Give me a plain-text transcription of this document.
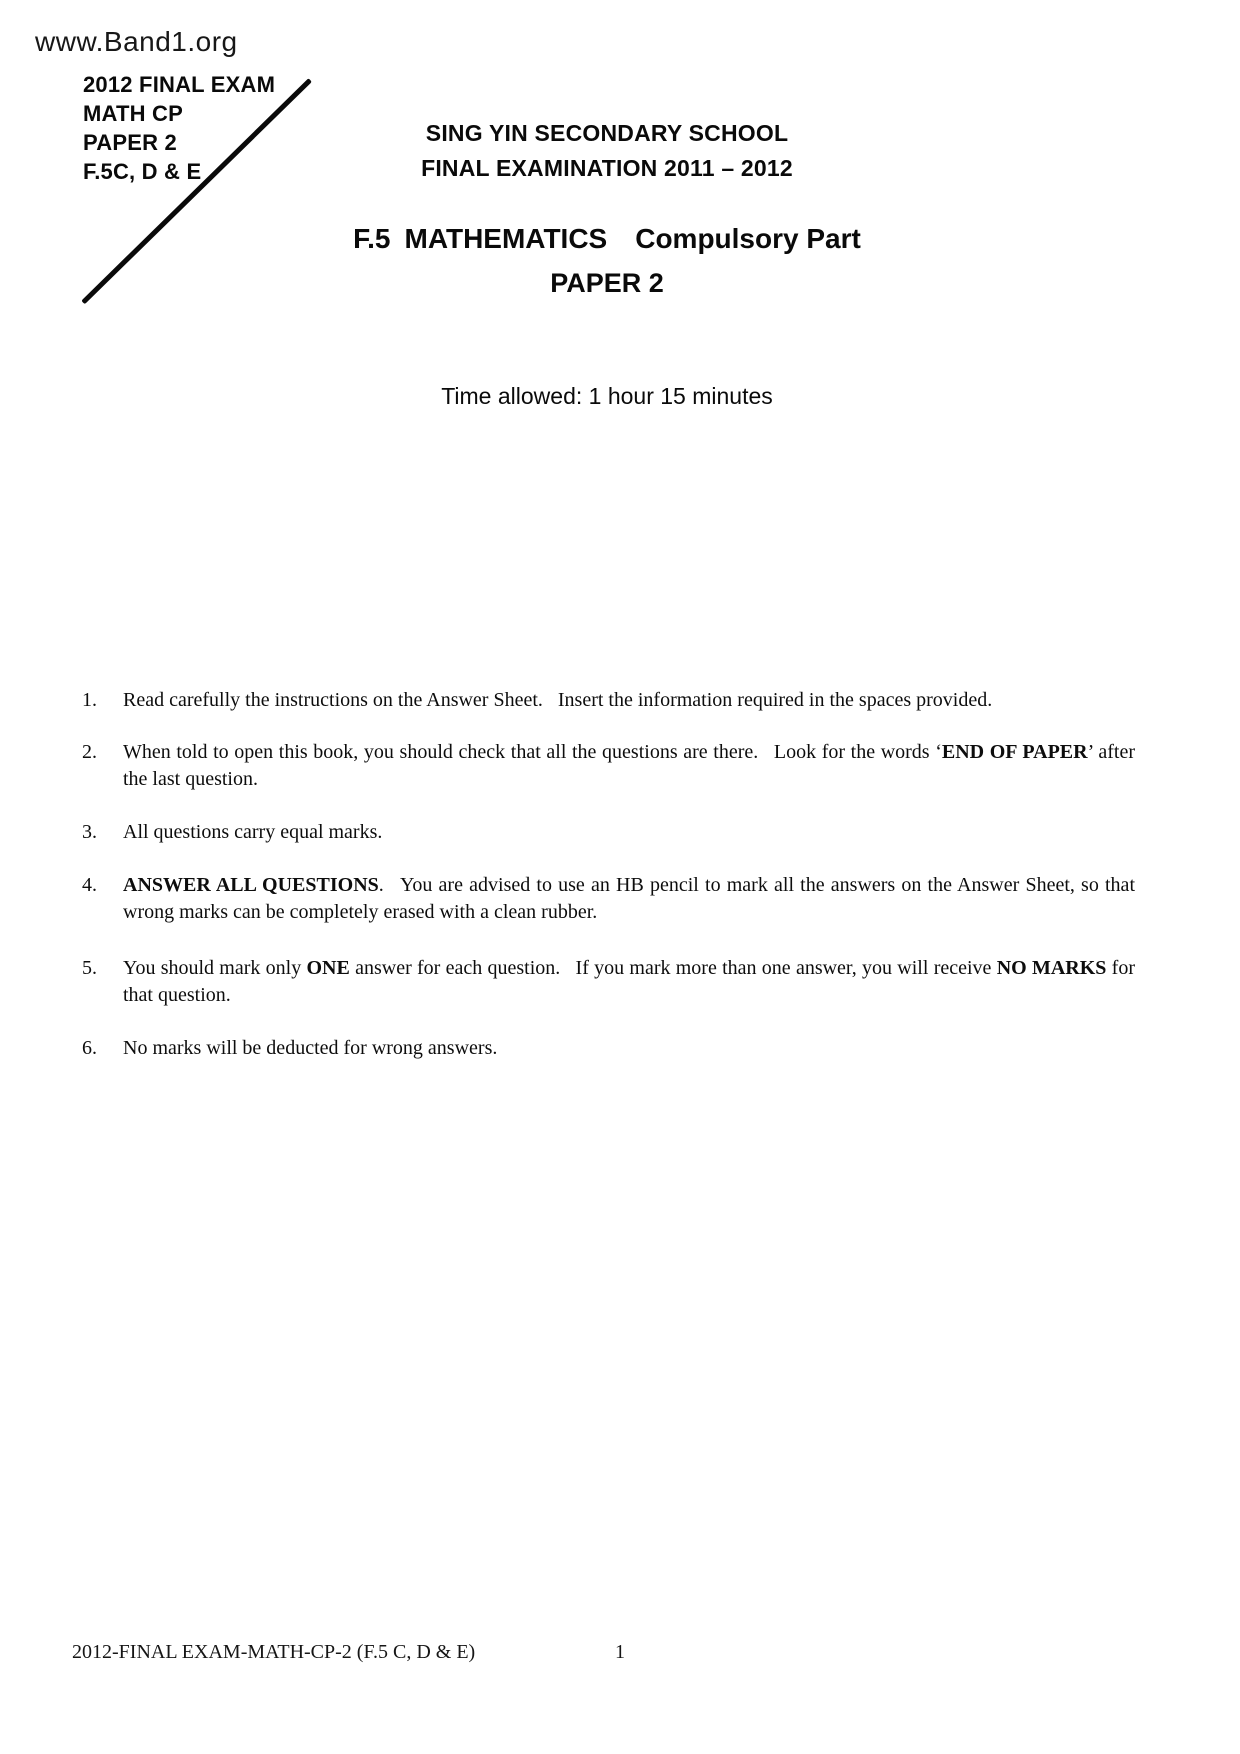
www.Band1.org
2012 FINAL EXAM
MATH CP
PAPER 2
F.5C, D & E
SING YIN SECONDARY SCHOOL
FINAL EXAMINATION 2011 – 2012
F.5 MATHEMATICS Compulsory Part
PAPER 2
Time allowed: 1 hour 15 minutes
1.	Read carefully the instructions on the Answer Sheet.  Insert the information required in the spaces provided.
2.	When told to open this book, you should check that all the questions are there.  Look for the words ‘END OF PAPER’ after the last question.
3.	All questions carry equal marks.
4.	ANSWER ALL QUESTIONS.  You are advised to use an HB pencil to mark all the answers on the Answer Sheet, so that wrong marks can be completely erased with a clean rubber.
5.	You should mark only ONE answer for each question.  If you mark more than one answer, you will receive NO MARKS for that question.
6.	No marks will be deducted for wrong answers.
2012-FINAL EXAM-MATH-CP-2 (F.5 C, D & E)	1
